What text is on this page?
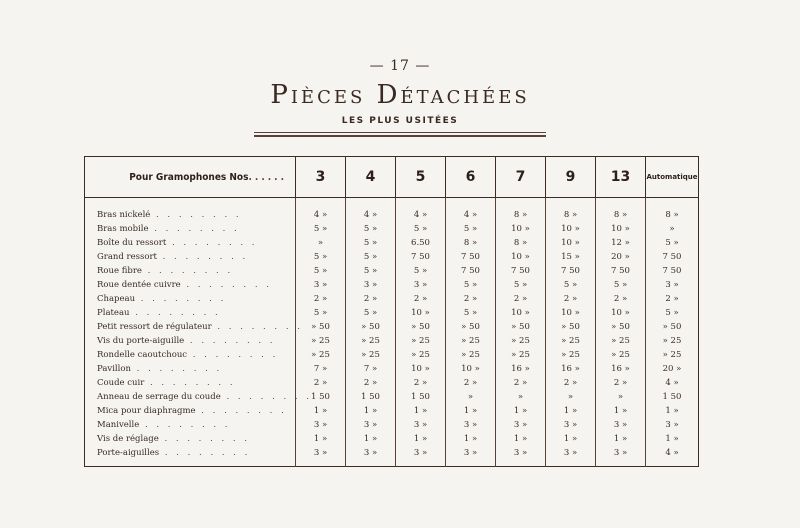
— 17 —
Pièces Détachées
LES PLUS USITÉES
Pour Gramophones Nos......	3	4	5	6	7	9	13	Automatique
Bras nickelé . . . . . . . .	4 »	4 »	4 »	4 »	8 »	8 »	8 »	8 »
Bras mobile . . . . . . . .	5 »	5 »	5 »	5 »	10 »	10 »	10 »	»
Boîte du ressort . . . . . . . .	»	5 »	6.50	8 »	8 »	10 »	12 »	5 »
Grand ressort . . . . . . . .	5 »	5 »	7 50	7 50	10 »	15 »	20 »	7 50
Roue fibre . . . . . . . .	5 »	5 »	5 »	7 50	7 50	7 50	7 50	7 50
Roue dentée cuivre . . . . . . . .	3 »	3 »	3 »	5 »	5 »	5 »	5 »	3 »
Chapeau . . . . . . . .	2 »	2 »	2 »	2 »	2 »	2 »	2 »	2 »
Plateau . . . . . . . .	5 »	5 »	10 »	5 »	10 »	10 »	10 »	5 »
Petit ressort de régulateur . . . . . . . .	» 50	» 50	» 50	» 50	» 50	» 50	» 50	» 50
Vis du porte-aiguille . . . . . . . .	» 25	» 25	» 25	» 25	» 25	» 25	» 25	» 25
Rondelle caoutchouc . . . . . . . .	» 25	» 25	» 25	» 25	» 25	» 25	» 25	» 25
Pavillon . . . . . . . .	7 »	7 »	10 »	10 »	16 »	16 »	16 »	20 »
Coude cuir . . . . . . . .	2 »	2 »	2 »	2 »	2 »	2 »	2 »	4 »
Anneau de serrage du coude . . . . . . . .	1 50	1 50	1 50	»	»	»	»	1 50
Mica pour diaphragme . . . . . . . .	1 »	1 »	1 »	1 »	1 »	1 »	1 »	1 »
Manivelle . . . . . . . .	3 »	3 »	3 »	3 »	3 »	3 »	3 »	3 »
Vis de réglage . . . . . . . .	1 »	1 »	1 »	1 »	1 »	1 »	1 »	1 »
Porte-aiguilles . . . . . . . .	3 »	3 »	3 »	3 »	3 »	3 »	3 »	4 »
